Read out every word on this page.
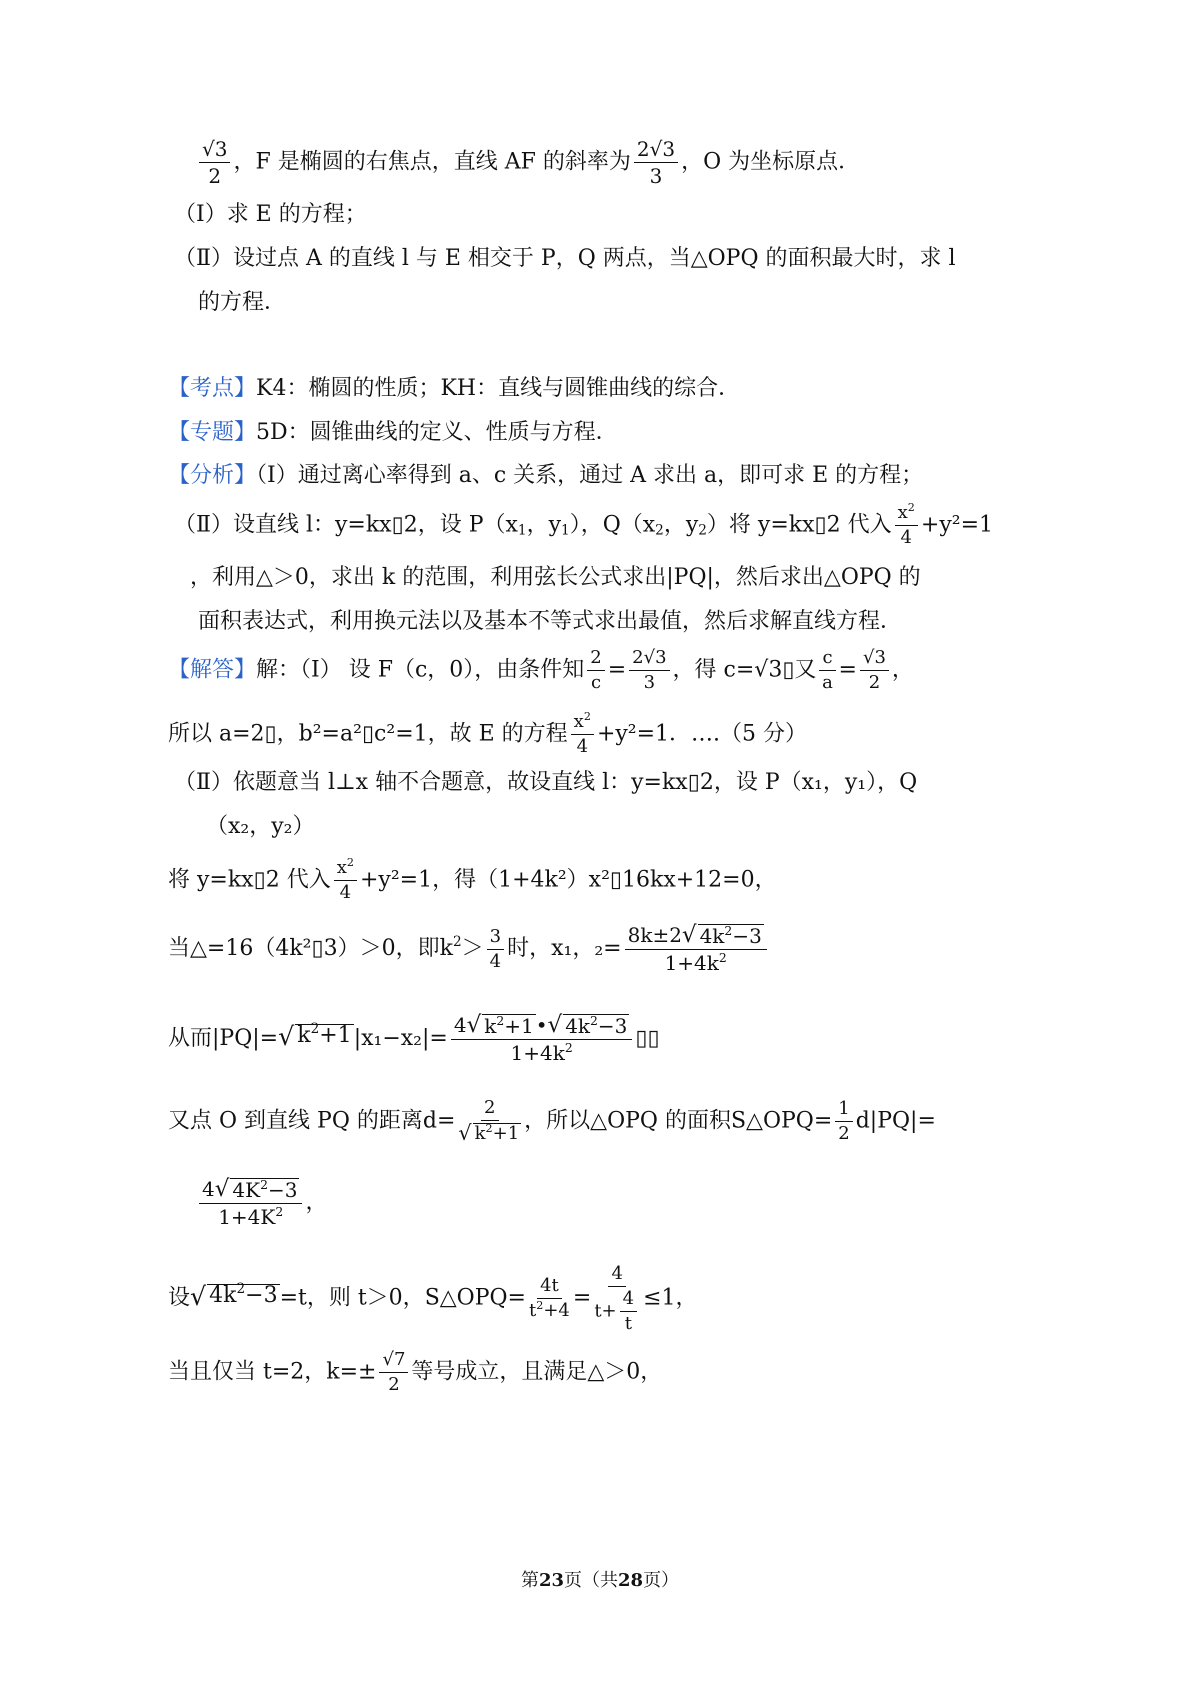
$\frac{√3}{2}$ ，F 是椭圆的右焦点，直线 AF 的斜率为 $\frac{2√3}{3}$ ，O 为坐标原点．
（Ⅰ）求 E 的方程；
（Ⅱ）设过点 A 的直线 l 与 E 相交于 P，Q 两点，当△OPQ 的面积最大时，求 l
的方程．
【考点】K4：椭圆的性质；KH：直线与圆锥曲线的综合．
【专题】5D：圆锥曲线的定义、性质与方程．
【分析】（Ⅰ）通过离心率得到 a、c 关系，通过 A 求出 a，即可求 E 的方程；
（Ⅱ）设直线 l：y=kx▯2，设 $P(x_1$，$y_1$），$Q(x_2$，$y_2$）将 y=kx▯2 代入 $\frac{x^2}{4} +y^2=1$
，利用△＞0，求出 k 的范围，利用弦长公式求出|PQ|，然后求出△OPQ 的
面积表达式，利用换元法以及基本不等式求出最值，然后求解直线方程．
【解答】解：（Ⅰ） 设 F（c，0），由条件知 $\frac{2}{c} = \frac{2√3}{3}$ ，得 c=√3▯又 $\frac{c}{a} = \frac{√3}{2}$ ，
所以 a=2▯，b²=a²▯c²=1，故 E 的方程 $\frac{x^2}{4} +y^2=1$．….（5 分）
（Ⅱ）依题意当 l⊥x 轴不合题意，故设直线 l：y=kx▯2，设 P（x₁，y₁），Q
（x₂，y₂）
将 y=kx▯2 代入 $\frac{x^2}{4} +y^2=1$，得（1+4k²）x²▯16kx+12=0，
当△=16（4k²▯3）＞0，即$k^2> \frac{3}{4}$ 时，x₁，$_2= \frac{8k\pm 2 √ 4k^2-3}{1+4k^2}$
从而|PQ|= √ $k^2+1$ $|x_1-x_2|= \frac{4 √ k^2+1 • √ 4k^2-3}{1+4k^2}$ ▯▯
又点 O 到直线 PQ 的距离$d= \frac{2}{√ k^2+1}$ ，所以△OPQ 的面积S△OPQ= $\frac{1}{2} d|PQ|=$
$\frac{4 √ 4K^2-3}{1+4K^2}$ ，
设 √ $4k^2-3 =t$，则 t＞0，S△OPQ= $\frac{4t}{t^2+4} = \frac{4}{t+ \frac{4}{t}} \le 1$，
当且仅当 t=2，$k=\pm \frac{√7}{2}$ 等号成立，且满足△＞0，
第23页（共28页）
